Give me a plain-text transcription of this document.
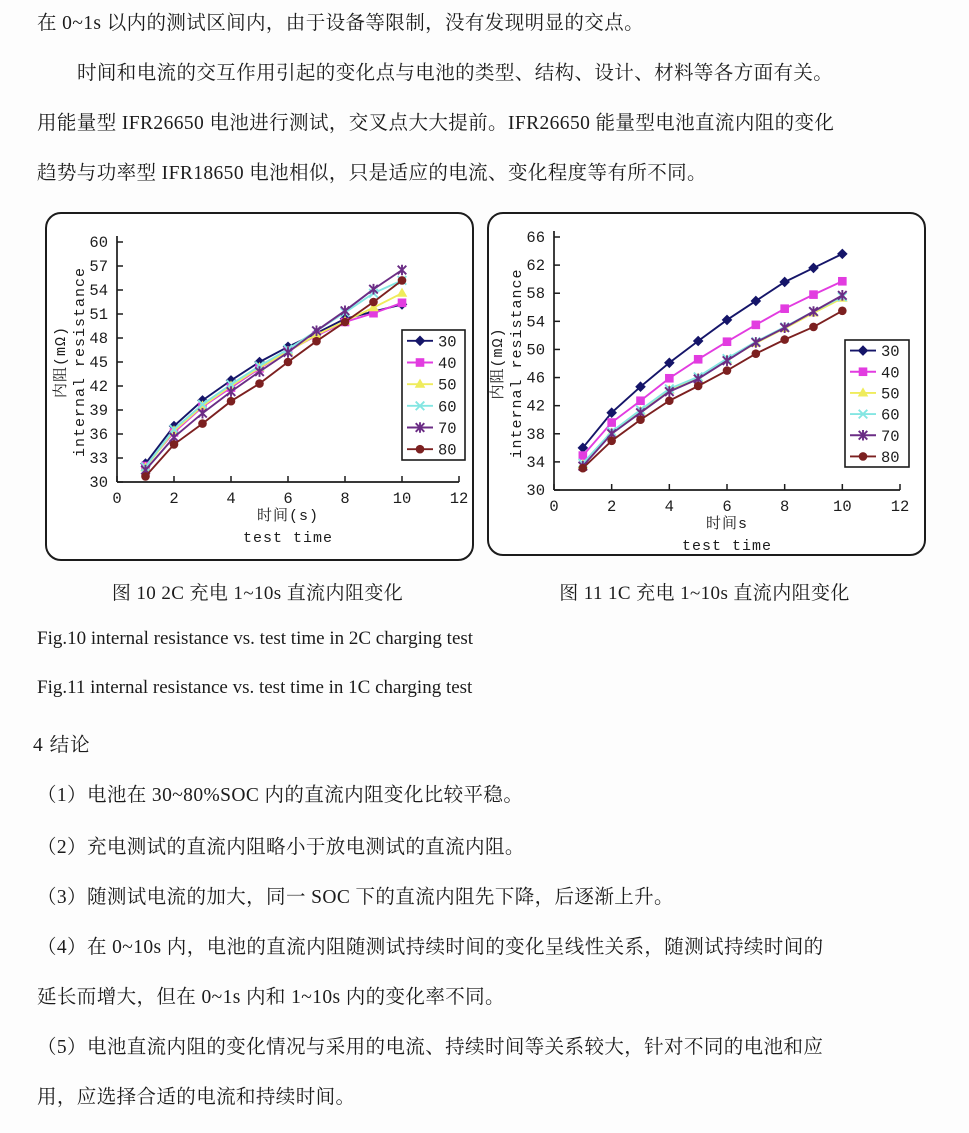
在 0~1s 以内的测试区间内，由于设备等限制，没有发现明显的交点。
时间和电流的交互作用引起的变化点与电池的类型、结构、设计、材料等各方面有关。
用能量型 IFR26650 电池进行测试，交叉点大大提前。IFR26650 能量型电池直流内阻的变化
趋势与功率型 IFR18650 电池相似，只是适应的电流、变化程度等有所不同。
30
33
36
39
42
45
48
51
54
57
60
0	2	4	6	8	10 12
内阻(mΩ) internal resistance
时间(s)
test time
30
40
50
60
70
80
30
34
38
42
46
50
54
58
62
66
0	2	4	6	8	10	12
内阻(mΩ) internal resistance
时间s
test time
30
40
50
60
70
80
图 10 2C 充电 1~10s 直流内阻变化	图 11 1C 充电 1~10s 直流内阻变化
Fig.10 internal resistance vs. test time in 2C charging test
Fig.11 internal resistance vs. test time in 1C charging test
4 结论
（1）电池在 30~80%SOC 内的直流内阻变化比较平稳。
（2）充电测试的直流内阻略小于放电测试的直流内阻。
（3）随测试电流的加大，同一 SOC 下的直流内阻先下降，后逐渐上升。
（4）在 0~10s 内，电池的直流内阻随测试持续时间的变化呈线性关系，随测试持续时间的
延长而增大，但在 0~1s 内和 1~10s 内的变化率不同。
（5）电池直流内阻的变化情况与采用的电流、持续时间等关系较大，针对不同的电池和应
用，应选择合适的电流和持续时间。
